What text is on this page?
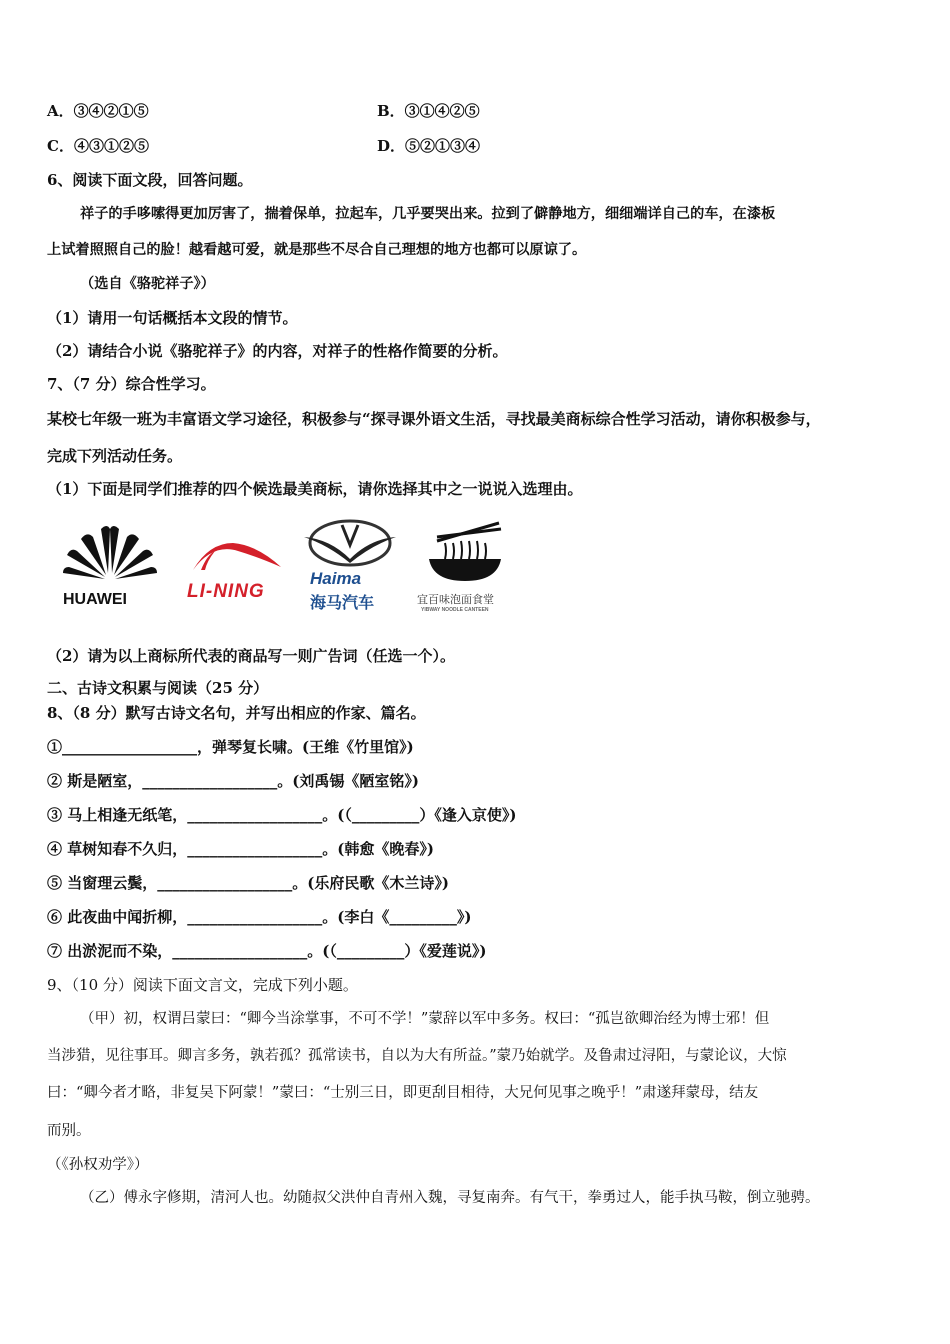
A．③④②①⑤	B．③①④②⑤
C．④③①②⑤	D．⑤②①③④
6、阅读下面文段，回答问题。
祥子的手哆嗦得更加厉害了，揣着保单，拉起车，几乎要哭出来。拉到了僻静地方，细细端详自己的车，在漆板
上试着照照自己的脸！越看越可爱，就是那些不尽合自己理想的地方也都可以原谅了。
（选自《骆驼祥子》）
（1）请用一句话概括本文段的情节。
（2）请结合小说《骆驼祥子》的内容，对祥子的性格作简要的分析。
7、（7 分）综合性学习。
某校七年级一班为丰富语文学习途径，积极参与“探寻课外语文生活，寻找最美商标综合性学习活动，请你积极参与，
完成下列活动任务。
（1）下面是同学们推荐的四个候选最美商标，请你选择其中之一说说入选理由。
HUAWEI	LI-NING
Haima
海马汽车	宜百味泡面食堂
YIBWAY NOODLE CANTEEN
（2）请为以上商标所代表的商品写一则广告词（任选一个）。
二、古诗文积累与阅读（25 分）
8、（8 分）默写古诗文名句，并写出相应的作家、篇名。
①__________________，弹琴复长啸。(王维《竹里馆》)
② 斯是陋室，__________________。(刘禹锡《陋室铭》)
③ 马上相逢无纸笔，__________________。(（_________）《逢入京使》)
④ 草树知春不久归，__________________。(韩愈《晚春》)
⑤ 当窗理云鬓，__________________。(乐府民歌《木兰诗》)
⑥ 此夜曲中闻折柳，__________________。(李白《_________》)
⑦ 出淤泥而不染，__________________。(（_________）《爱莲说》)
9、（10 分）阅读下面文言文，完成下列小题。
（甲）初，权谓吕蒙曰：“卿今当涂掌事，不可不学！”蒙辞以军中多务。权曰：“孤岂欲卿治经为博士邪！但
当涉猎，见往事耳。卿言多务，孰若孤？孤常读书，自以为大有所益。”蒙乃始就学。及鲁肃过浔阳，与蒙论议，大惊
曰：“卿今者才略，非复吴下阿蒙！”蒙曰：“士别三日，即更刮目相待，大兄何见事之晚乎！”肃遂拜蒙母，结友
而别。
（《孙权劝学》）
（乙）傅永字修期，清河人也。幼随叔父洪仲自青州入魏，寻复南奔。有气干，拳勇过人，能手执马鞍，倒立驰骋。
